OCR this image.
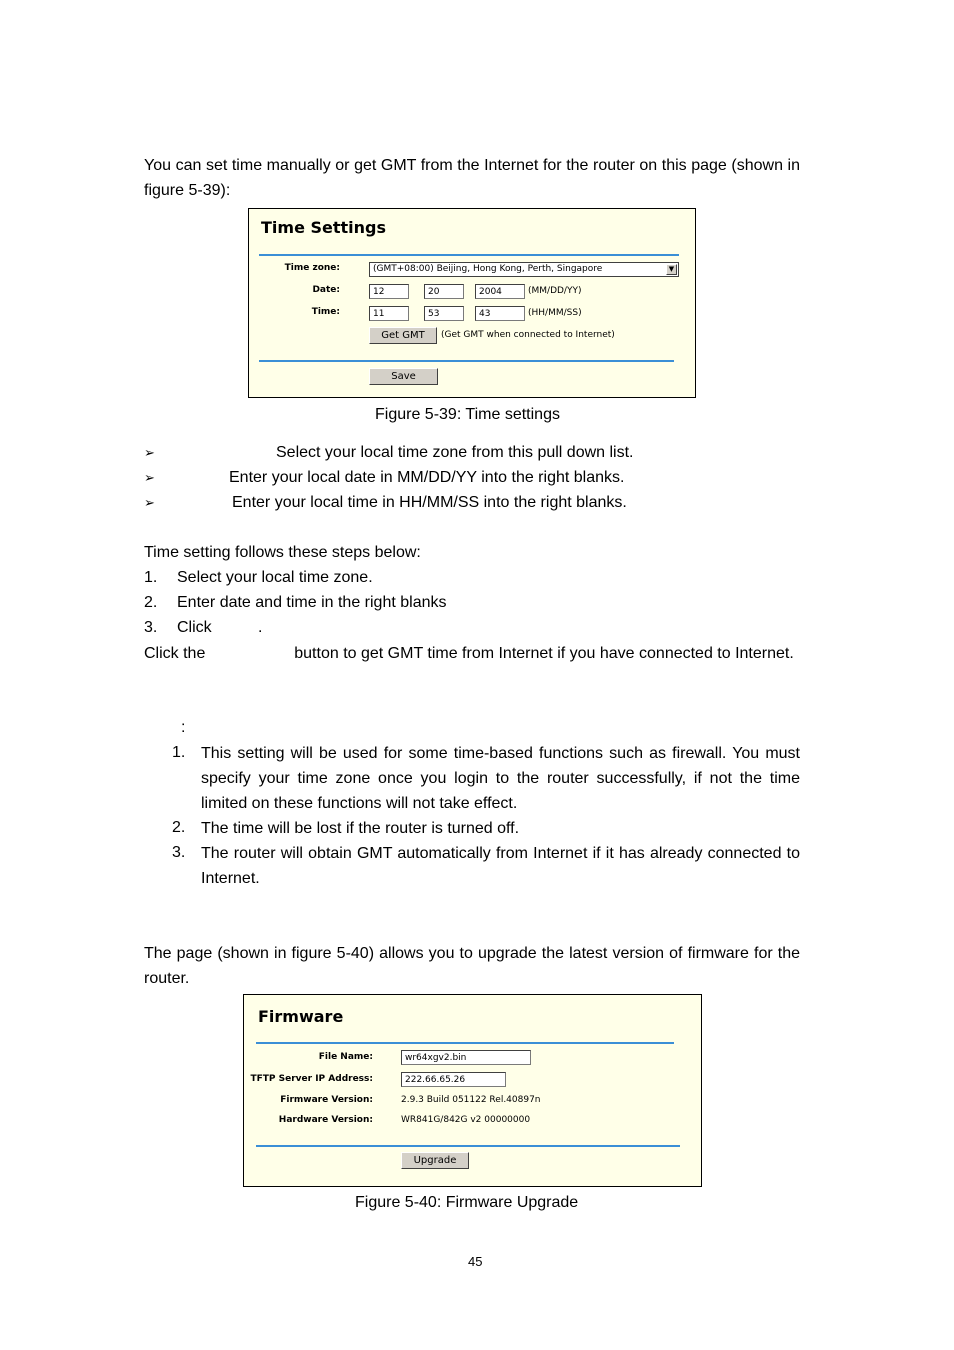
You can set time manually or get GMT from the Internet for the router on this page (shown in figure 5-39):
Time Settings
Time zone:	(GMT+08:00) Beijing, Hong Kong, Perth, Singapore	▼
Date:	12	20	2004	(MM/DD/YY)
Time:	11	53	43	(HH/MM/SS)
Get GMT	(Get GMT when connected to Internet)
Save
Figure 5-39: Time settings
➢	Select your local time zone from this pull down list.
➢	Enter your local date in MM/DD/YY into the right blanks.
➢	Enter your local time in HH/MM/SS into the right blanks.
Time setting follows these steps below:
1. Select your local time zone.
2. Enter date and time in the right blanks
3. Click	.
Click the                    button to get GMT time from Internet if you have connected to Internet.
:
1. This setting will be used for some time-based functions such as firewall. You must specify your time zone once you login to the router successfully, if not the time limited on these functions will not take effect.
2. The time will be lost if the router is turned off.
3. The router will obtain GMT automatically from Internet if it has already connected to Internet.
The page (shown in figure 5-40) allows you to upgrade the latest version of firmware for the router.
Firmware
File Name:	wr64xgv2.bin
TFTP Server IP Address:	222.66.65.26
Firmware Version:	2.9.3 Build 051122 Rel.40897n
Hardware Version:	WR841G/842G v2 00000000
Upgrade
Figure 5-40: Firmware Upgrade
45
